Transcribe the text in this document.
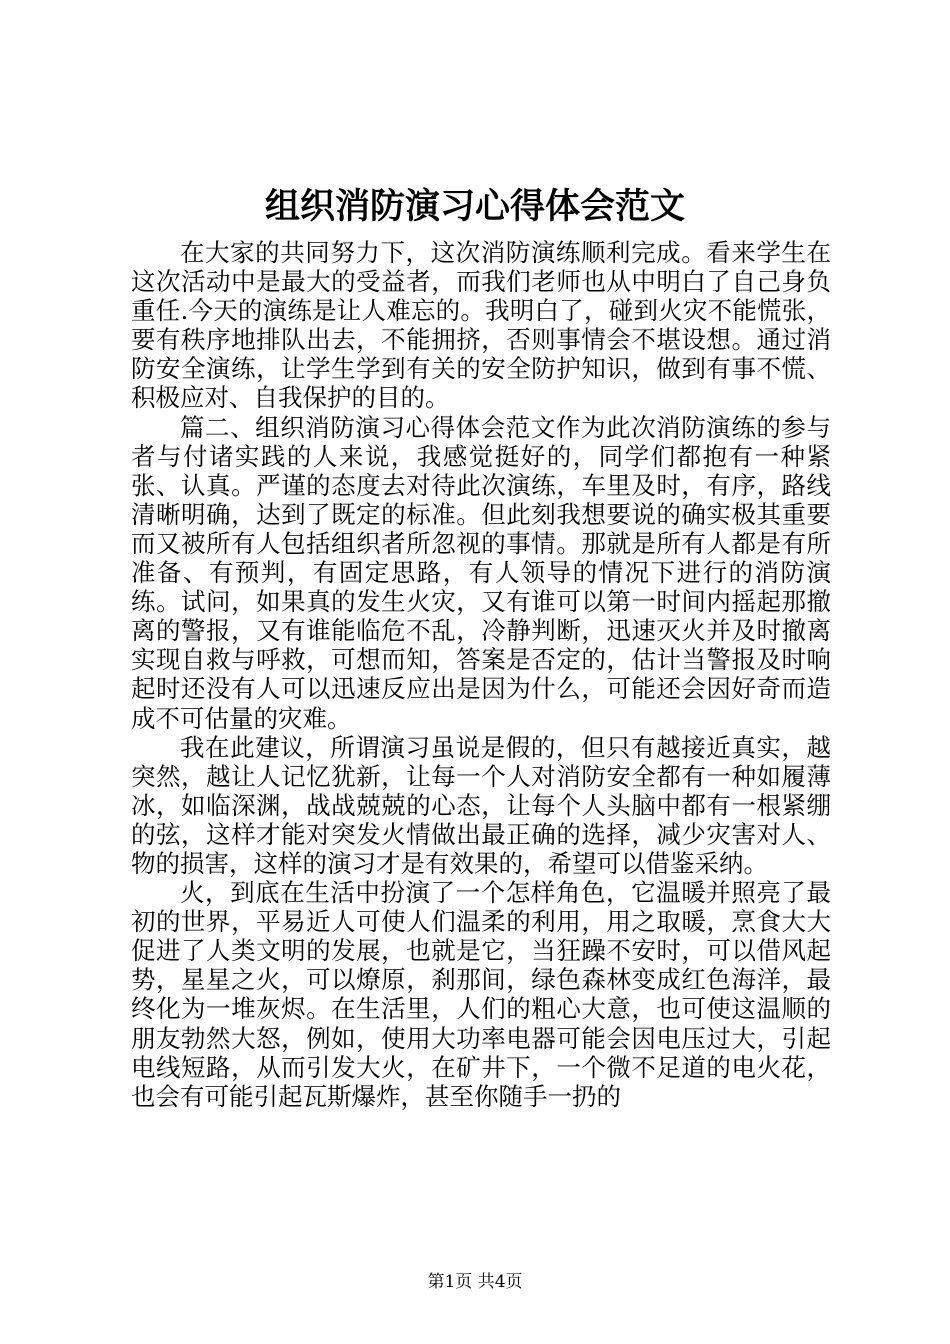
组织消防演习心得体会范文

在大家的共同努力下，这次消防演练顺利完成。看来学生在这次活动中是最大的受益者，而我们老师也从中明白了自己身负重任.今天的演练是让人难忘的。我明白了，碰到火灾不能慌张，要有秩序地排队出去，不能拥挤，否则事情会不堪设想。通过消防安全演练，让学生学到有关的安全防护知识，做到有事不慌、积极应对、自我保护的目的。

篇二、组织消防演习心得体会范文作为此次消防演练的参与者与付诸实践的人来说，我感觉挺好的，同学们都抱有一种紧张、认真。严谨的态度去对待此次演练，车里及时，有序，路线清晰明确，达到了既定的标准。但此刻我想要说的确实极其重要而又被所有人包括组织者所忽视的事情。那就是所有人都是有所准备、有预判，有固定思路，有人领导的情况下进行的消防演练。试问，如果真的发生火灾，又有谁可以第一时间内摇起那撤离的警报，又有谁能临危不乱，冷静判断，迅速灭火并及时撤离实现自救与呼救，可想而知，答案是否定的，估计当警报及时响起时还没有人可以迅速反应出是因为什么，可能还会因好奇而造成不可估量的灾难。

我在此建议，所谓演习虽说是假的，但只有越接近真实，越突然，越让人记忆犹新，让每一个人对消防安全都有一种如履薄冰，如临深渊，战战兢兢的心态，让每个人头脑中都有一根紧绷的弦，这样才能对突发火情做出最正确的选择，减少灾害对人、物的损害，这样的演习才是有效果的，希望可以借鉴采纳。

火，到底在生活中扮演了一个怎样角色，它温暖并照亮了最初的世界，平易近人可使人们温柔的利用，用之取暖，烹食大大促进了人类文明的发展，也就是它，当狂躁不安时，可以借风起势，星星之火，可以燎原，刹那间，绿色森林变成红色海洋，最终化为一堆灰烬。在生活里，人们的粗心大意，也可使这温顺的朋友勃然大怒，例如，使用大功率电器可能会因电压过大，引起电线短路，从而引发大火，在矿井下，一个微不足道的电火花，也会有可能引起瓦斯爆炸，甚至你随手一扔的

第1页 共4页
